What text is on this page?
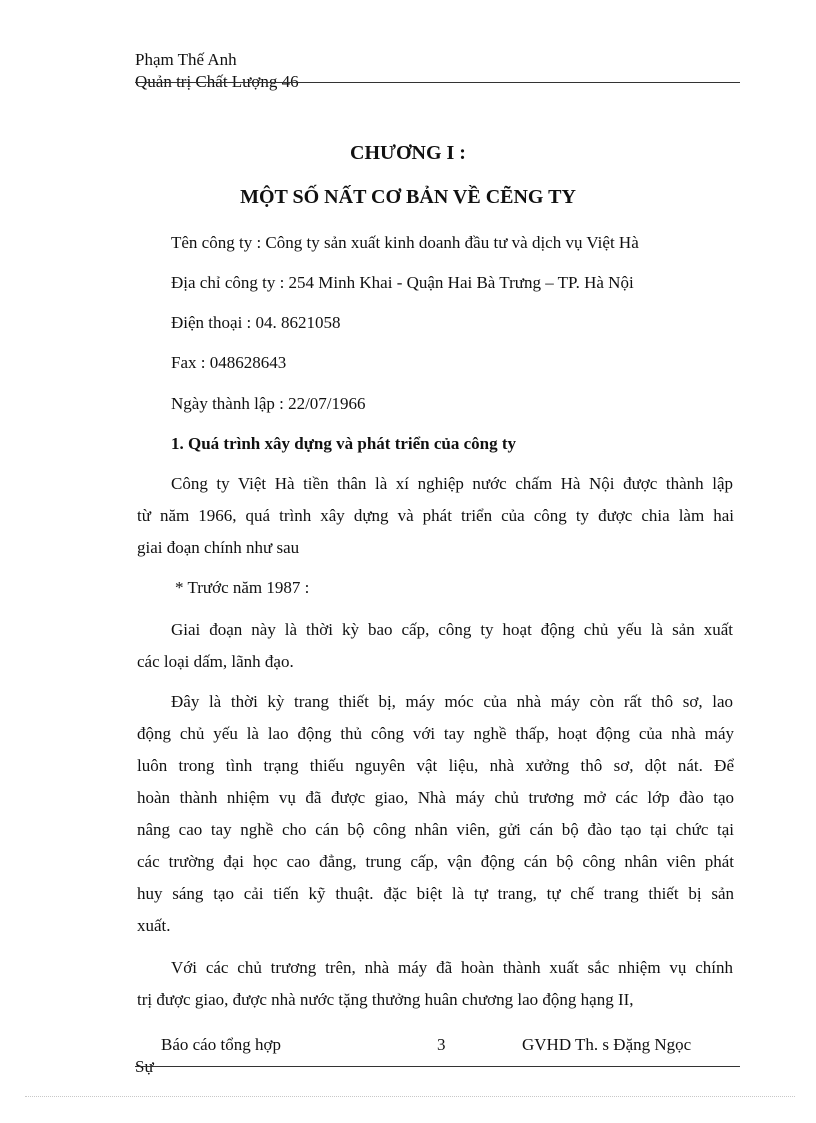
Phạm Thế Anh
Quản trị Chất Lượng 46
CHƯƠNG I :
MỘT SỐ NẤT CƠ BẢN VỀ CẼNG TY
Tên công ty : Công ty sản xuất kinh doanh đầu tư và dịch vụ Việt Hà
Địa chỉ công ty : 254 Minh Khai - Quận Hai Bà Trưng – TP. Hà Nội
Điện thoại : 04. 8621058
Fax : 048628643
Ngày thành lập : 22/07/1966
1. Quá trình xây dựng và phát triển của công ty
Công ty Việt Hà tiền thân là xí nghiệp nước chấm Hà Nội được thành lập
từ năm 1966, quá trình xây dựng và phát triển của công ty được chia làm hai
giai đoạn chính như sau
* Trước năm 1987 :
Giai đoạn này là thời kỳ bao cấp, công ty hoạt động chủ yếu là sản xuất
các loại dấm, lãnh đạo.
Đây là thời kỳ trang thiết bị, máy móc của nhà máy còn rất thô sơ, lao
động chủ yếu là lao động thủ công với tay nghề thấp, hoạt động của nhà máy
luôn trong tình trạng thiếu nguyên vật liệu, nhà xưởng thô sơ, dột nát. Để
hoàn thành nhiệm vụ đã được giao, Nhà máy chủ trương mở các lớp đào tạo
nâng cao tay nghề cho cán bộ công nhân viên, gửi cán bộ đào tạo tại chức tại
các trường đại học cao đẳng, trung cấp, vận động cán bộ công nhân viên phát
huy sáng tạo cải tiến kỹ thuật. đặc biệt là tự trang, tự chế trang thiết bị sản
xuất.
Với các chủ trương trên, nhà máy đã hoàn thành xuất sắc nhiệm vụ chính
trị được giao, được nhà nước tặng thưởng huân chương lao động hạng II,
Báo cáo tổng hợp	3	GVHD Th. s Đặng Ngọc
Sự
